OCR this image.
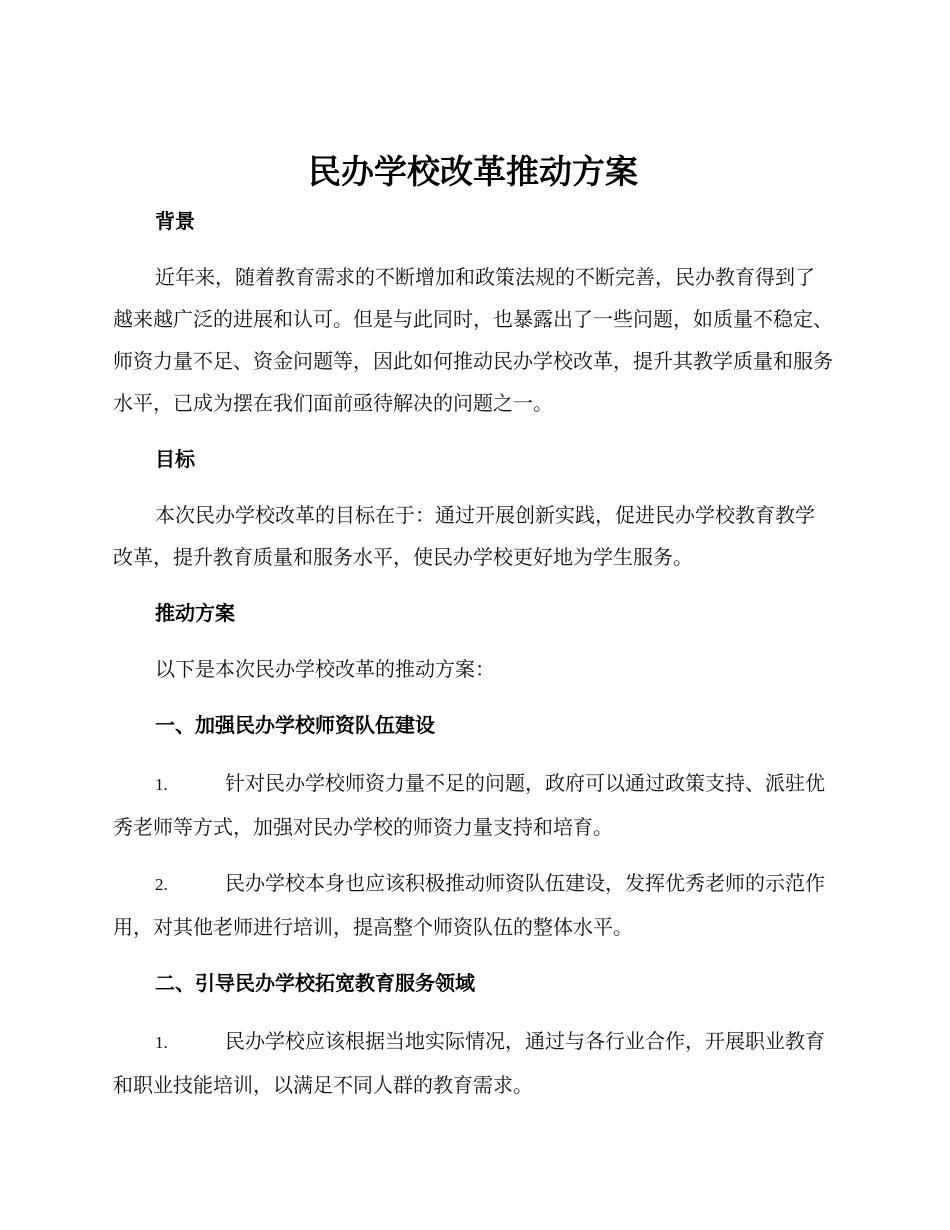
民办学校改革推动方案
背景

近年来，随着教育需求的不断增加和政策法规的不断完善，民办教育得到了越来越广泛的进展和认可。但是与此同时，也暴露出了一些问题，如质量不稳定、师资力量不足、资金问题等，因此如何推动民办学校改革，提升其教学质量和服务水平，已成为摆在我们面前亟待解决的问题之一。

目标

本次民办学校改革的目标在于：通过开展创新实践，促进民办学校教育教学改革，提升教育质量和服务水平，使民办学校更好地为学生服务。

推动方案

以下是本次民办学校改革的推动方案：

一、加强民办学校师资队伍建设

1.	针对民办学校师资力量不足的问题，政府可以通过政策支持、派驻优秀老师等方式，加强对民办学校的师资力量支持和培育。

2.	民办学校本身也应该积极推动师资队伍建设，发挥优秀老师的示范作用，对其他老师进行培训，提高整个师资队伍的整体水平。

二、引导民办学校拓宽教育服务领域

1.	民办学校应该根据当地实际情况，通过与各行业合作，开展职业教育和职业技能培训，以满足不同人群的教育需求。
